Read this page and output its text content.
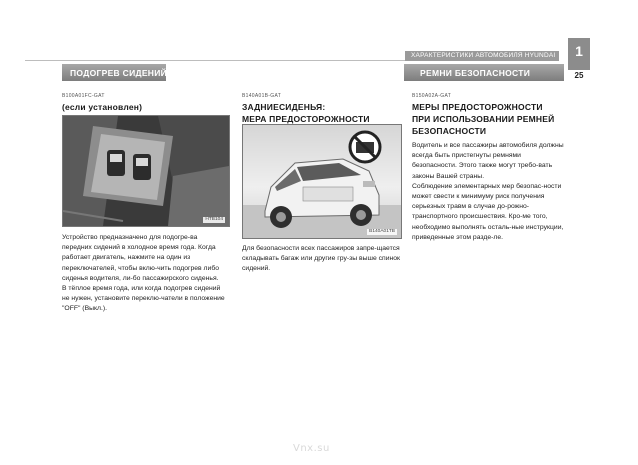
ХАРАКТЕРИСТИКИ АВТОМОБИЛЯ HYUNDAI	1
25
ПОДОГРЕВ СИДЕНИЙ	РЕМНИ БЕЗОПАСНОСТИ
B100A01FC-GAT
(если установлен)
HTB104
Устройство предназначено для подогре-ва передних сидений в холодное время года. Когда работает двигатель, нажмите на один из переключателей, чтобы вклю-чить подогрев либо сиденья водителя, ли-бо пассажирского сиденья.
В тёплое время года, или когда подогрев сидений не нужен, установите переклю-чатели в положение "OFF" (Выкл.).
B140A01B-GAT
ЗАДНИЕСИДЕНЬЯ:
МЕРА ПРЕДОСТОРОЖНОСТИ
B140A01TB
Для безопасности всех пассажиров запре-щается складывать багаж или другие гру-зы выше спинок сидений.
B150A02A-GAT
МЕРЫ ПРЕДОСТОРОЖНОСТИ
ПРИ ИСПОЛЬЗОВАНИИ РЕМНЕЙ
БЕЗОПАСНОСТИ
Водитель и все пассажиры автомобиля должны всегда быть пристегнуты ремнями безопасности. Этого также могут требо-вать законы Вашей страны.
Соблюдение элементарных мер безопас-ности может свести к минимуму риск получения серьезных травм в случае до-рожно-транспортного происшествия. Кро-ме того, необходимо выполнять осталь-ные инструкции, приведенные этом разде-ле.
Vnx.su
